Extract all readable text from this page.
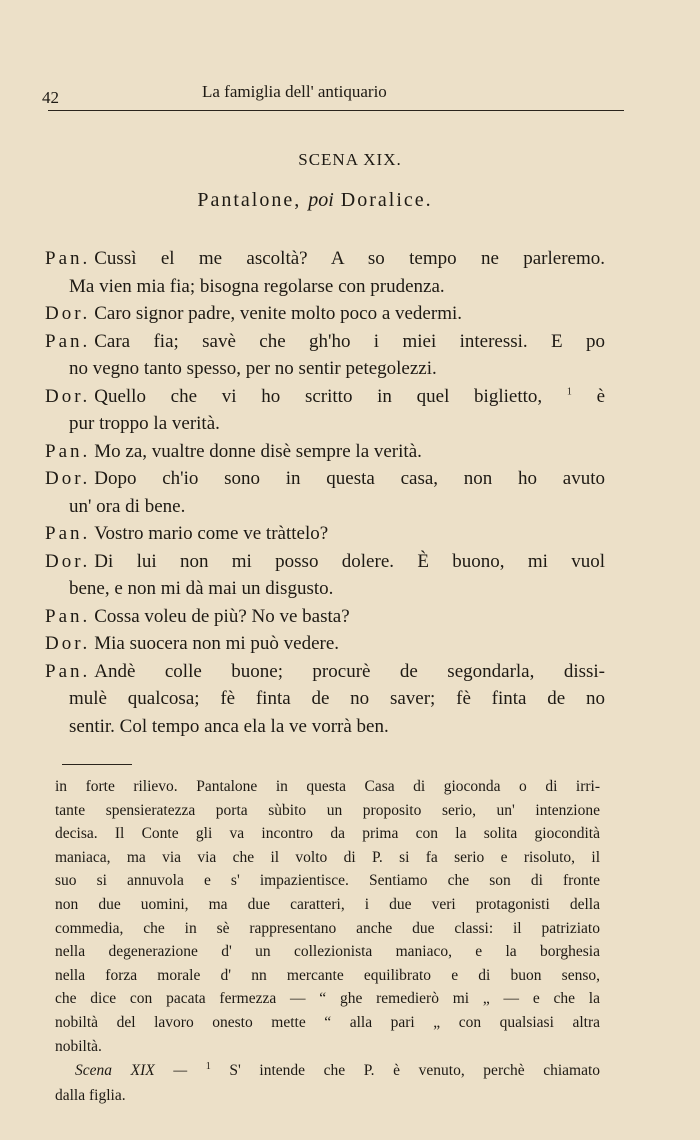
42	La famiglia dell' antiquario
SCENA XIX.
Pantalone, poi Doralice.
Pan. Cussì el me ascoltà? A so tempo ne parleremo.
Ma vien mia fia; bisogna regolarse con prudenza.
Dor. Caro signor padre, venite molto poco a vedermi.
Pan. Cara fia; savè che gh'ho i miei interessi. E po
no vegno tanto spesso, per no sentir petegolezzi.
Dor. Quello che vi ho scritto in quel biglietto, $^1$ è
pur troppo la verità.
Pan. Mo za, vualtre donne disè sempre la verità.
Dor. Dopo ch'io sono in questa casa, non ho avuto
un' ora di bene.
Pan. Vostro mario come ve tràttelo?
Dor. Di lui non mi posso dolere. È buono, mi vuol
bene, e non mi dà mai un disgusto.
Pan. Cossa voleu de più? No ve basta?
Dor. Mia suocera non mi può vedere.
Pan. Andè colle buone; procurè de segondarla, dissi-
mulè qualcosa; fè finta de no saver; fè finta de no
sentir. Col tempo anca ela la ve vorrà ben.
in forte rilievo. Pantalone in questa Casa di gioconda o di irri-
tante spensieratezza porta sùbito un proposito serio, un' intenzione
decisa. Il Conte gli va incontro da prima con la solita giocondità
maniaca, ma via via che il volto di P. si fa serio e risoluto, il
suo si annuvola e s' impazientisce. Sentiamo che son di fronte
non due uomini, ma due caratteri, i due veri protagonisti della
commedia, che in sè rappresentano anche due classi: il patriziato
nella degenerazione d' un collezionista maniaco, e la borghesia
nella forza morale d' nn mercante equilibrato e di buon senso,
che dice con pacata fermezza — “ ghe remedierò mi „ — e che la
nobiltà del lavoro onesto mette “ alla pari „ con qualsiasi altra
nobiltà.
Scena XIX — $^1$ S' intende che P. è venuto, perchè chiamato
dalla figlia.
